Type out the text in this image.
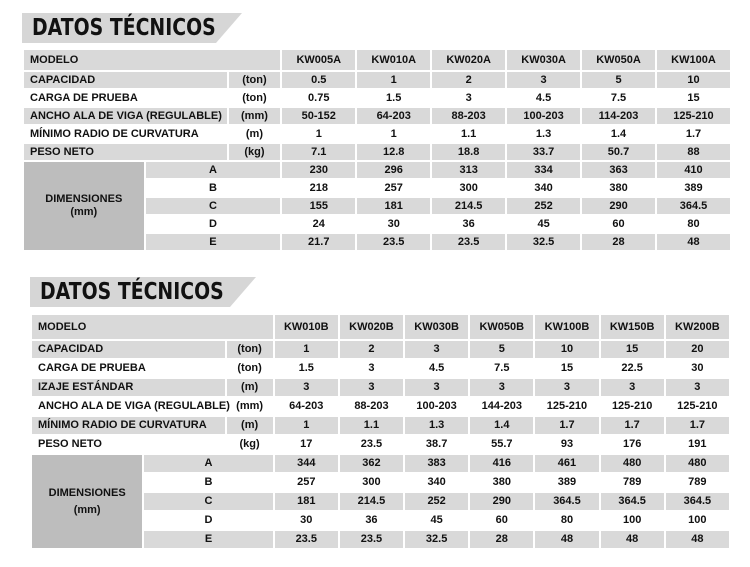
DATOS TÉCNICOS
MODELO			KW005A	KW010A	KW020A	KW030A	KW050A	KW100A
CAPACIDAD		(ton)	0.5	1	2	3	5	10
CARGA DE PRUEBA		(ton)	0.75	1.5	3	4.5	7.5	15
ANCHO ALA DE VIGA (REGULABLE)		(mm)	50-152	64-203	88-203	100-203	114-203	125-210
MÍNIMO RADIO DE CURVATURA		(m)	1	1	1.1	1.3	1.4	1.7
PESO NETO		(kg)	7.1	12.8	18.8	33.7	50.7	88

DIMENSIONES
(mm)	A		230	296	313	334	363	410
	B		218	257	300	340	380	389
	C		155	181	214.5	252	290	364.5
	D		24	30	36	45	60	80
	E		21.7	23.5	23.5	32.5	28	48
DATOS TÉCNICOS
MODELO			KW010B	KW020B	KW030B	KW050B	KW100B	KW150B	KW200B
CAPACIDAD		(ton)	1	2	3	5	10	15	20
CARGA DE PRUEBA		(ton)	1.5	3	4.5	7.5	15	22.5	30
IZAJE ESTÁNDAR		(m)	3	3	3	3	3	3	3
ANCHO ALA DE VIGA (REGULABLE)		(mm)	64-203	88-203	100-203	144-203	125-210	125-210	125-210
MÍNIMO RADIO DE CURVATURA		(m)	1	1.1	1.3	1.4	1.7	1.7	1.7
PESO NETO		(kg)	17	23.5	38.7	55.7	93	176	191

DIMENSIONES
(mm)	A		344	362	383	416	461	480	480
	B		257	300	340	380	389	789	789
	C		181	214.5	252	290	364.5	364.5	364.5
	D		30	36	45	60	80	100	100
	E		23.5	23.5	32.5	28	48	48	48
